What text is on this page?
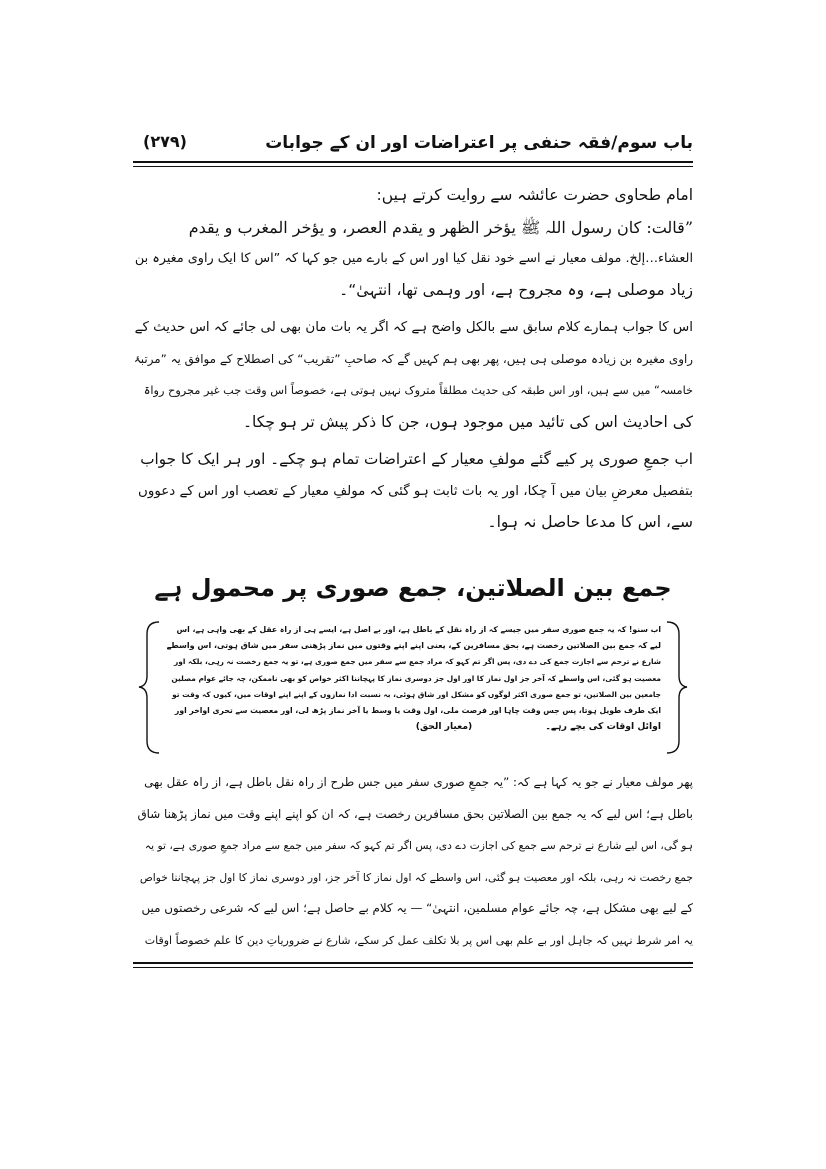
باب سوم/فقہ حنفی پر اعتراضات اور ان کے جوابات
(۲۷۹)
امام طحاوی حضرت عائشہ سے روایت کرتے ہیں:
”قالت: کان رسول اللہ ﷺ یؤخر الظھر و یقدم العصر، و یؤخر المغرب و یقدم
العشاء…إلخ. مولف معیار نے اسے خود نقل کیا اور اس کے بارے میں جو کہا کہ ”اس کا ایک راوی مغیرہ بن
زیاد موصلی ہے، وہ مجروح ہے، اور وہمی تھا، انتہیٰ“۔
اس کا جواب ہمارے کلام سابق سے بالکل واضح ہے کہ اگر یہ بات مان بھی لی جائے کہ اس حدیث کے
راوی مغیرہ بن زیادہ موصلی ہی ہیں، پھر بھی ہم کہیں گے کہ صاحبِ ”تقریب“ کی اصطلاح کے موافق یہ ”مرتبۂ
خامسہ“ میں سے ہیں، اور اس طبقہ کی حدیث مطلقاً متروک نہیں ہوتی ہے، خصوصاً اس وقت جب غیر مجروح رواۃ
کی احادیث اس کی تائید میں موجود ہوں، جن کا ذکر پیش تر ہو چکا۔
اب جمعِ صوری پر کیے گئے مولفِ معیار کے اعتراضات تمام ہو چکے۔ اور ہر ایک کا جواب
بتفصیل معرضِ بیان میں آ چکا، اور یہ بات ثابت ہو گئی کہ مولفِ معیار کے تعصب اور اس کے دعووں
سے، اس کا مدعا حاصل نہ ہوا۔
جمع بین الصلاتین، جمع صوری پر محمول ہے
اب سنو! کہ یہ جمع صوری سفر میں جیسے کہ از راہ نقل کے باطل ہے، اور بے اصل ہے، ایسے ہی از راہ عقل کے بھی واہی ہے، اس
لیے کہ جمع بین الصلاتین رخصت ہے، بحق مسافرین کے، یعنی اپنے اپنے وقتوں میں نماز پڑھنی سفر میں شاق ہوتی، اس واسطے
شارع نے ترحم سے اجازت جمع کی دے دی، پس اگر تم کہو کہ مراد جمع سے سفر میں جمع صوری ہے، تو یہ جمع رخصت نہ رہی، بلکہ اور
معصیت ہو گئی، اس واسطے کہ آخر جز اول نماز کا اور اول جز دوسری نماز کا پہچاننا اکثر خواص کو بھی ناممکن، چہ جائے عوام مصلین
جامعین بین الصلاتین، تو جمع صوری اکثر لوگوں کو مشکل اور شاق ہوئی، بہ نسبت ادا نمازوں کے اپنے اپنے اوقات میں، کیوں کہ وقت تو
ایک طرف طویل ہوتا، پس جس وقت چاہا اور فرصت ملی، اول وقت یا وسط یا آخر نماز پڑھ لی، اور معصیت سے تحری اواخر اور
اوائل اوقات کی بچے رہے۔ (معیار الحق)
پھر مولف معیار نے جو یہ کہا ہے کہ: ”یہ جمعِ صوری سفر میں جس طرح از راہ نقل باطل ہے، از راہ عقل بھی
باطل ہے؛ اس لیے کہ یہ جمع بین الصلاتین بحق مسافرین رخصت ہے، کہ ان کو اپنے اپنے وقت میں نماز پڑھنا شاق
ہو گی، اس لیے شارع نے ترحم سے جمع کی اجازت دے دی، پس اگر تم کہو کہ سفر میں جمع سے مراد جمعِ صوری ہے، تو یہ
جمع رخصت نہ رہی، بلکہ اور معصیت ہو گئی، اس واسطے کہ اول نماز کا آخر جز، اور دوسری نماز کا اول جز پہچاننا خواص
کے لیے بھی مشکل ہے، چہ جائے عوام مسلمین، انتہیٰ“ — یہ کلام بے حاصل ہے؛ اس لیے کہ شرعی رخصتوں میں
یہ امر شرط نہیں کہ جاہل اور بے علم بھی اس پر بلا تکلف عمل کر سکے، شارع نے ضروریاتِ دین کا علم خصوصاً اوقات
